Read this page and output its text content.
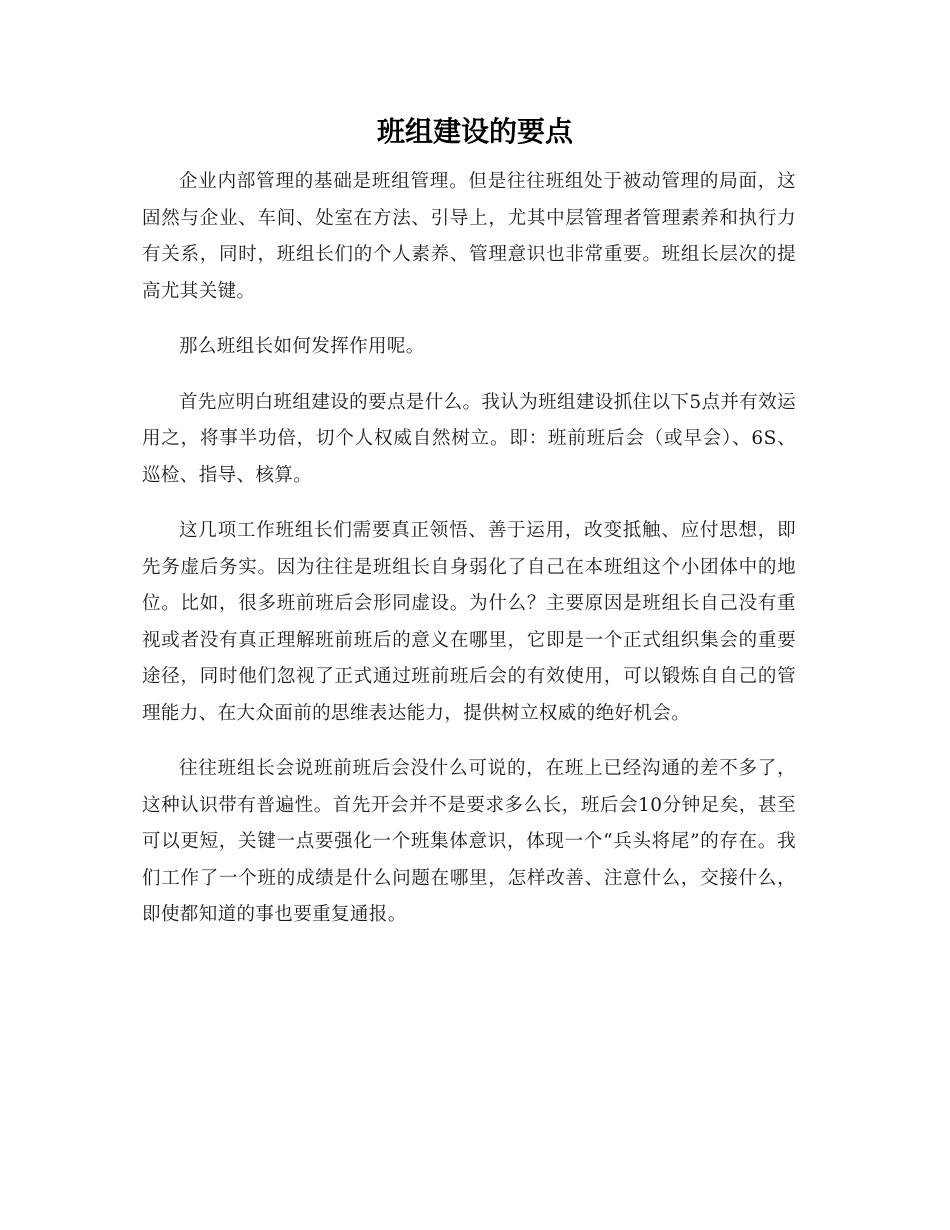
班组建设的要点

企业内部管理的基础是班组管理。但是往往班组处于被动管理的局面，这固然与企业、车间、处室在方法、引导上，尤其中层管理者管理素养和执行力有关系，同时，班组长们的个人素养、管理意识也非常重要。班组长层次的提高尤其关键。

那么班组长如何发挥作用呢。

首先应明白班组建设的要点是什么。我认为班组建设抓住以下5点并有效运用之，将事半功倍，切个人权威自然树立。即：班前班后会（或早会）、6S、巡检、指导、核算。

这几项工作班组长们需要真正领悟、善于运用，改变抵触、应付思想，即先务虚后务实。因为往往是班组长自身弱化了自己在本班组这个小团体中的地位。比如，很多班前班后会形同虚设。为什么？主要原因是班组长自己没有重视或者没有真正理解班前班后的意义在哪里，它即是一个正式组织集会的重要途径，同时他们忽视了正式通过班前班后会的有效使用，可以锻炼自自己的管理能力、在大众面前的思维表达能力，提供树立权威的绝好机会。

往往班组长会说班前班后会没什么可说的，在班上已经沟通的差不多了，这种认识带有普遍性。首先开会并不是要求多么长，班后会10分钟足矣，甚至可以更短，关键一点要强化一个班集体意识，体现一个“兵头将尾”的存在。我们工作了一个班的成绩是什么问题在哪里，怎样改善、注意什么，交接什么，即使都知道的事也要重复通报。
